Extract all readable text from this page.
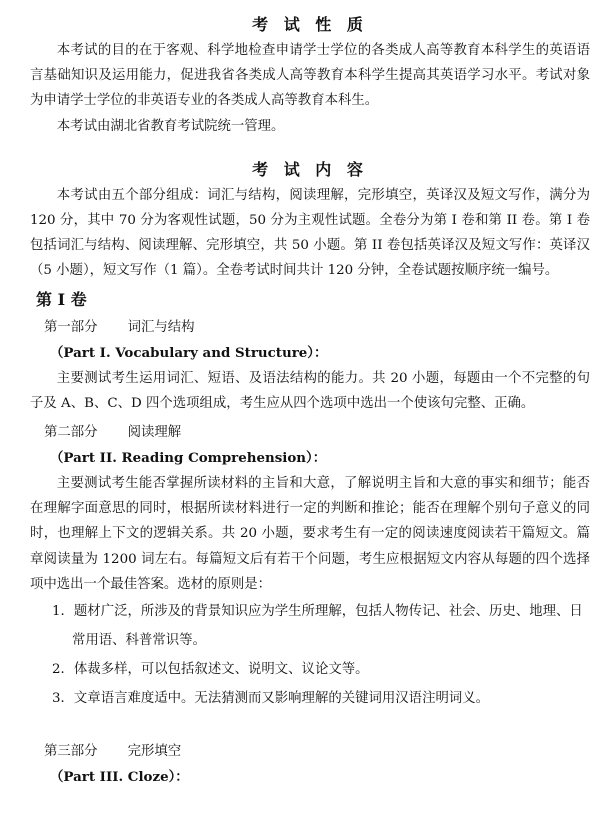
考 试 性 质

本考试的目的在于客观、科学地检查申请学士学位的各类成人高等教育本科学生的英语语言基础知识及运用能力，促进我省各类成人高等教育本科学生提高其英语学习水平。考试对象为申请学士学位的非英语专业的各类成人高等教育本科生。

本考试由湖北省教育考试院统一管理。

考 试 内 容

本考试由五个部分组成：词汇与结构，阅读理解，完形填空，英译汉及短文写作，满分为 120 分，其中 70 分为客观性试题，50 分为主观性试题。全卷分为第 I 卷和第 II 卷。第 I 卷包括词汇与结构、阅读理解、完形填空，共 50 小题。第 II 卷包括英译汉及短文写作：英译汉（5 小题），短文写作（1 篇）。全卷考试时间共计 120 分钟，全卷试题按顺序统一编号。

第 I 卷
第一部分 词汇与结构
（Part I. Vocabulary and Structure）：

主要测试考生运用词汇、短语、及语法结构的能力。共 20 小题，每题由一个不完整的句子及 A、B、C、D 四个选项组成，考生应从四个选项中选出一个使该句完整、正确。

第二部分 阅读理解
（Part II. Reading Comprehension）：

主要测试考生能否掌握所读材料的主旨和大意，了解说明主旨和大意的事实和细节；能否在理解字面意思的同时，根据所读材料进行一定的判断和推论；能否在理解个别句子意义的同时，也理解上下文的逻辑关系。共 20 小题，要求考生有一定的阅读速度阅读若干篇短文。篇章阅读量为 1200 词左右。每篇短文后有若干个问题，考生应根据短文内容从每题的四个选择项中选出一个最佳答案。选材的原则是：

1．题材广泛，所涉及的背景知识应为学生所理解，包括人物传记、社会、历史、地理、日常用语、科普常识等。
2．体裁多样，可以包括叙述文、说明文、议论文等。
3．文章语言难度适中。无法猜测而又影响理解的关键词用汉语注明词义。
第三部分 完形填空
（Part III. Cloze）：
